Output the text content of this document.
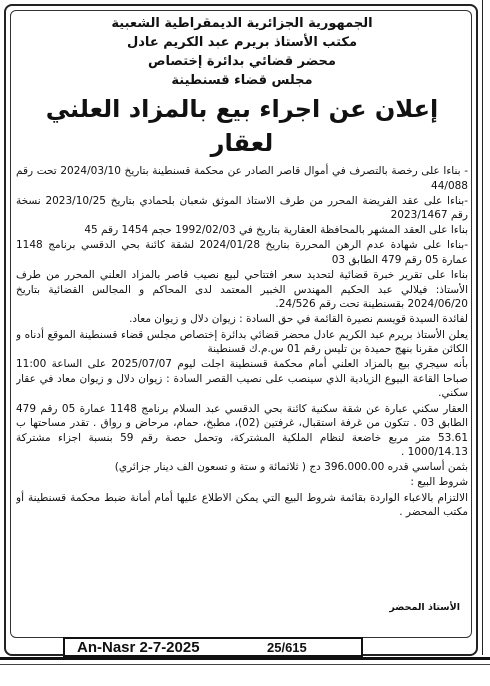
الجمهورية الجزائرية الديمقراطية الشعبية

مكتب الأستاذ بريرم عبد الكريم عادل

محضر قضائي بدائرة إختصاص

مجلس قضاء قسنطينة

إعلان عن اجراء بيع بالمزاد العلني لعقار

- بناءا على رخصة بالتصرف في أموال قاصر الصادر عن محكمة قسنطينة بتاريخ 2024/03/10 تحت رقم 44/088

-بناءا على عقد الفريضة المحرر من طرف الاستاذ الموثق شعبان بلحمادي بتاريخ 2023/10/25 نسخة رقم 2023/1467

بناءا على العقد المشهر بالمحافظة العقارية بتاريخ في 1992/02/03 حجم 1454 رقم 45

-بناءا على شهادة عدم الرهن المحررة بتاريخ 2024/01/28 لشقة كائنة بحي الدقسي برنامج 1148 عمارة 05 رقم 479 الطابق 03

بناءا على تقرير خبرة قضائية لتحديد سعر افتتاحي لبيع نصيب قاصر بالمزاد العلني المحرر من طرف الأستاذ: فيلالي عبد الحكيم المهندس الخبير المعتمد لدى المحاكم و المجالس القضائية بتاريخ 2024/06/20 بقسنطينة تحت رقم 24/526.

لفائدة السيدة قويسم نصيرة القائمة في حق السادة : زيوان دلال و زيوان معاد.

يعلن الأستاذ بريرم عبد الكريم عادل محضر قضائي بدائرة إختصاص مجلس قضاء قسنطينة الموقع أدناه و الكائن مقرنا بنهج حميدة بن تليس رقم 01 س.م.ك قسنطينة

بأنه سيجري بيع بالمزاد العلني أمام محكمة قسنطينة اجلت ليوم 2025/07/07 على الساعة 11:00 صباحا القاعة البيوع الزيادية الذي سينصب على نصيب القصر السادة : زيوان دلال و زيوان معاد في عقار سكني.

العقار سكني عبارة عن شقة سكنية كائنة بحي الدقسي عبد السلام برنامج 1148 عمارة 05 رقم 479 الطابق 03 . تتكون من غرفة استقبال، غرفتين (02)، مطبخ، حمام، مرحاض و رواق . تقدر مساحتها ب 53.61 متر مربع خاضعة لنظام الملكية المشتركة، وتحمل حصة رقم 59 بنسبة اجزاء مشتركة 1000/14.13 .

بثمن أساسي قدره 396.000.00 دج ( ثلاثمائة و ستة و تسعون الف دينار جزائري)

شروط البيع :

الالتزام بالاعباء الواردة بقائمة شروط البيع التي يمكن الاطلاع عليها أمام أمانة ضبط محكمة قسنطينة أو مكتب المحضر .

الأستاذ المحضر
An-Nasr 2-7-2025	25/615
